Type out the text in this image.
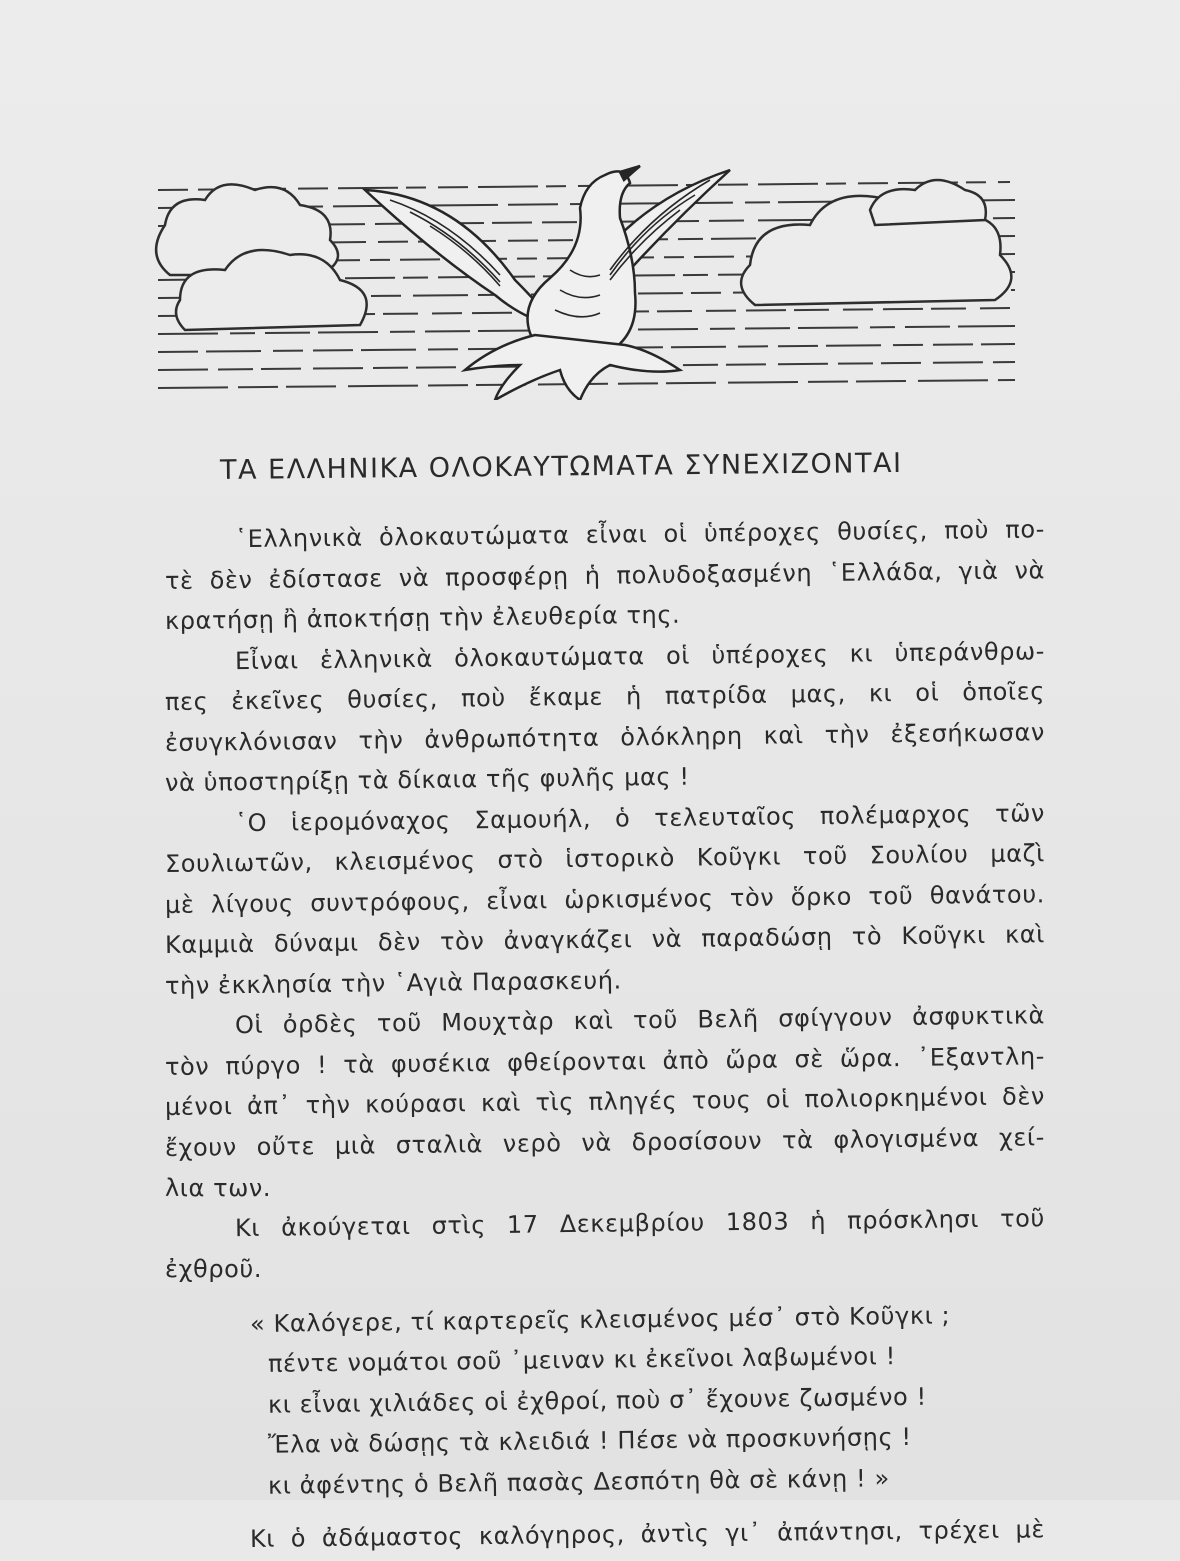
ΤΑ ΕΛΛΗΝΙΚΑ ΟΛΟΚΑΥΤΩΜΑΤΑ ΣΥΝΕΧΙΖΟΝΤΑΙ
῾Ελληνικὰ ὁλοκαυτώματα εἶναι οἱ ὑπέροχες θυσίες, ποὺ πο-
τὲ δὲν ἐδίστασε νὰ προσφέρῃ ἡ πολυδοξασμένη ῾Ελλάδα, γιὰ νὰ
κρατήσῃ ἢ ἀποκτήσῃ τὴν ἐλευθερία της.
Εἶναι ἑλληνικὰ ὁλοκαυτώματα οἱ ὑπέροχες κι ὑπεράνθρω-
πες ἐκεῖνες θυσίες, ποὺ ἔκαμε ἡ πατρίδα μας, κι οἱ ὁποῖες
ἐσυγκλόνισαν τὴν ἀνθρωπότητα ὁλόκληρη καὶ τὴν ἐξεσήκωσαν
νὰ ὑποστηρίξῃ τὰ δίκαια τῆς φυλῆς μας !
῾Ο ἱερομόναχος Σαμουήλ, ὁ τελευταῖος πολέμαρχος τῶν
Σουλιωτῶν, κλεισμένος στὸ ἱστορικὸ Κοῦγκι τοῦ Σουλίου μαζὶ
μὲ λίγους συντρόφους, εἶναι ὡρκισμένος τὸν ὅρκο τοῦ θανάτου.
Καμμιὰ δύναμι δὲν τὸν ἀναγκάζει νὰ παραδώσῃ τὸ Κοῦγκι καὶ
τὴν ἐκκλησία τὴν ῾Αγιὰ Παρασκευή.
Οἱ ὀρδὲς τοῦ Μουχτὰρ καὶ τοῦ Βελῆ σφίγγουν ἀσφυκτικὰ
τὸν πύργο ! τὰ φυσέκια φθείρονται ἀπὸ ὥρα σὲ ὥρα. ᾿Εξαντλη-
μένοι ἀπ᾿ τὴν κούρασι καὶ τὶς πληγές τους οἱ πολιορκημένοι δὲν
ἔχουν οὔτε μιὰ σταλιὰ νερὸ νὰ δροσίσουν τὰ φλογισμένα χεί-
λια των.
Κι ἀκούγεται στὶς 17 Δεκεμβρίου 1803 ἡ πρόσκλησι τοῦ
ἐχθροῦ.
« Καλόγερε, τί καρτερεῖς κλεισμένος μέσ᾿ στὸ Κοῦγκι ;
πέντε νομάτοι σοῦ ᾿μειναν κι ἐκεῖνοι λαβωμένοι !
κι εἶναι χιλιάδες οἱ ἐχθροί, ποὺ σ᾿ ἔχουνε ζωσμένο !
Ἔλα νὰ δώσῃς τὰ κλειδιά ! Πέσε νὰ προσκυνήσῃς !
κι ἀφέντης ὁ Βελῆ πασὰς Δεσπότη θὰ σὲ κάνῃ ! »
Κι ὁ ἀδάμαστος καλόγηρος, ἀντὶς γι᾿ ἀπάντησι, τρέχει μὲ
